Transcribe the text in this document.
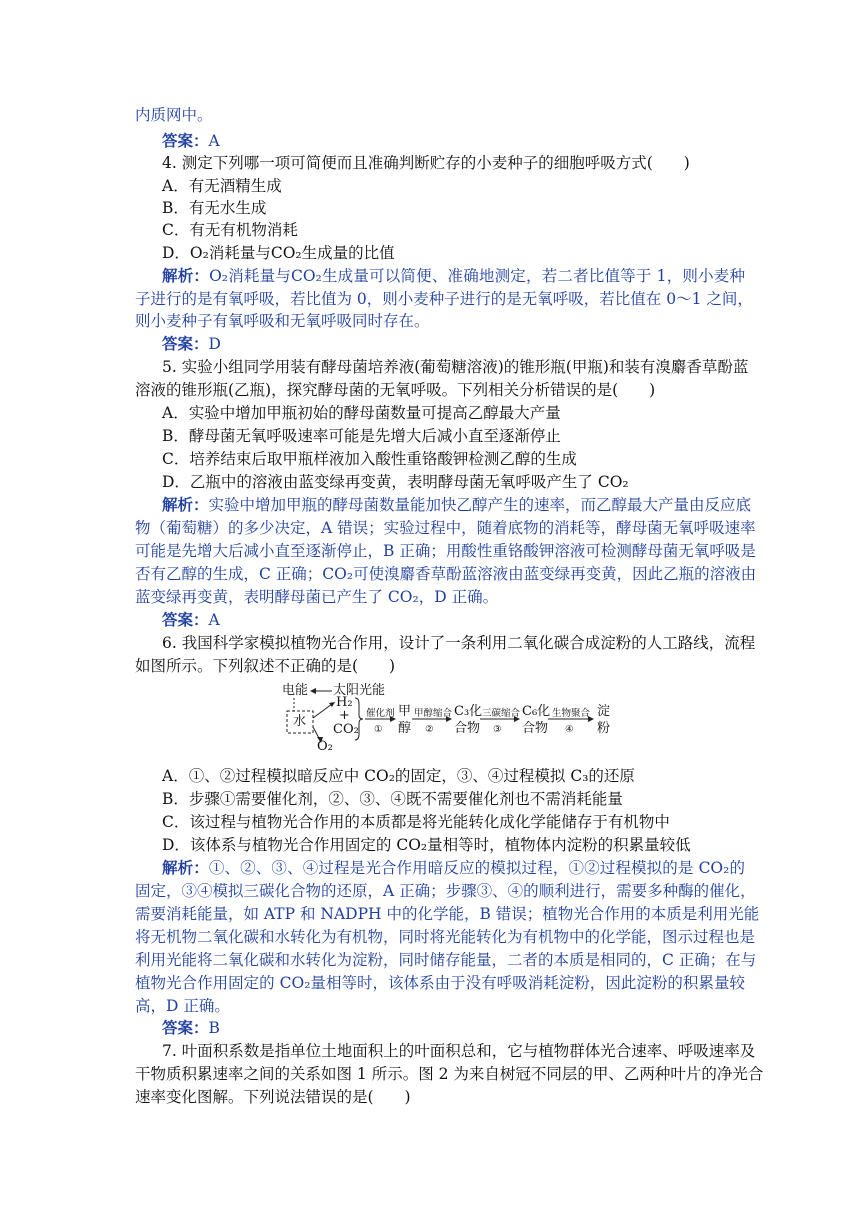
内质网中。
答案：A
4. 测定下列哪一项可简便而且准确判断贮存的小麦种子的细胞呼吸方式(　　)
A．有无酒精生成
B．有无水生成
C．有无有机物消耗
D．O₂消耗量与CO₂生成量的比值
解析：O₂消耗量与CO₂生成量可以简便、准确地测定，若二者比值等于 1，则小麦种
子进行的是有氧呼吸，若比值为 0，则小麦种子进行的是无氧呼吸，若比值在 0～1 之间，
则小麦种子有氧呼吸和无氧呼吸同时存在。
答案：D
5. 实验小组同学用装有酵母菌培养液(葡萄糖溶液)的锥形瓶(甲瓶)和装有溴麝香草酚蓝
溶液的锥形瓶(乙瓶)，探究酵母菌的无氧呼吸。下列相关分析错误的是(　　)
A．实验中增加甲瓶初始的酵母菌数量可提高乙醇最大产量
B．酵母菌无氧呼吸速率可能是先增大后减小直至逐渐停止
C．培养结束后取甲瓶样液加入酸性重铬酸钾检测乙醇的生成
D．乙瓶中的溶液由蓝变绿再变黄，表明酵母菌无氧呼吸产生了 CO₂
解析：实验中增加甲瓶的酵母菌数量能加快乙醇产生的速率，而乙醇最大产量由反应底
物（葡萄糖）的多少决定，A 错误；实验过程中，随着底物的消耗等，酵母菌无氧呼吸速率
可能是先增大后减小直至逐渐停止，B 正确；用酸性重铬酸钾溶液可检测酵母菌无氧呼吸是
否有乙醇的生成，C 正确；CO₂可使溴麝香草酚蓝溶液由蓝变绿再变黄，因此乙瓶的溶液由
蓝变绿再变黄，表明酵母菌已产生了 CO₂，D 正确。
答案：A
6. 我国科学家模拟植物光合作用，设计了一条利用二氧化碳合成淀粉的人工路线，流程
如图所示。下列叙述不正确的是(　　)
电能 太阳光能
水
H₂
+
CO₂
O₂
催化剂
①
甲
醇
甲醇缩合
②
C₃化
合物
三碳缩合
③
C₆化
合物
生物聚合
④
淀
粉
A．①、②过程模拟暗反应中 CO₂的固定，③、④过程模拟 C₃的还原
B．步骤①需要催化剂，②、③、④既不需要催化剂也不需消耗能量
C．该过程与植物光合作用的本质都是将光能转化成化学能储存于有机物中
D．该体系与植物光合作用固定的 CO₂量相等时，植物体内淀粉的积累量较低
解析：①、②、③、④过程是光合作用暗反应的模拟过程，①②过程模拟的是 CO₂的
固定，③④模拟三碳化合物的还原，A 正确；步骤③、④的顺利进行，需要多种酶的催化，
需要消耗能量，如 ATP 和 NADPH 中的化学能，B 错误；植物光合作用的本质是利用光能
将无机物二氧化碳和水转化为有机物，同时将光能转化为有机物中的化学能，图示过程也是
利用光能将二氧化碳和水转化为淀粉，同时储存能量，二者的本质是相同的，C 正确；在与
植物光合作用固定的 CO₂量相等时，该体系由于没有呼吸消耗淀粉，因此淀粉的积累量较
高，D 正确。
答案：B
7. 叶面积系数是指单位土地面积上的叶面积总和，它与植物群体光合速率、呼吸速率及
干物质积累速率之间的关系如图 1 所示。图 2 为来自树冠不同层的甲、乙两种叶片的净光合
速率变化图解。下列说法错误的是(　　)
